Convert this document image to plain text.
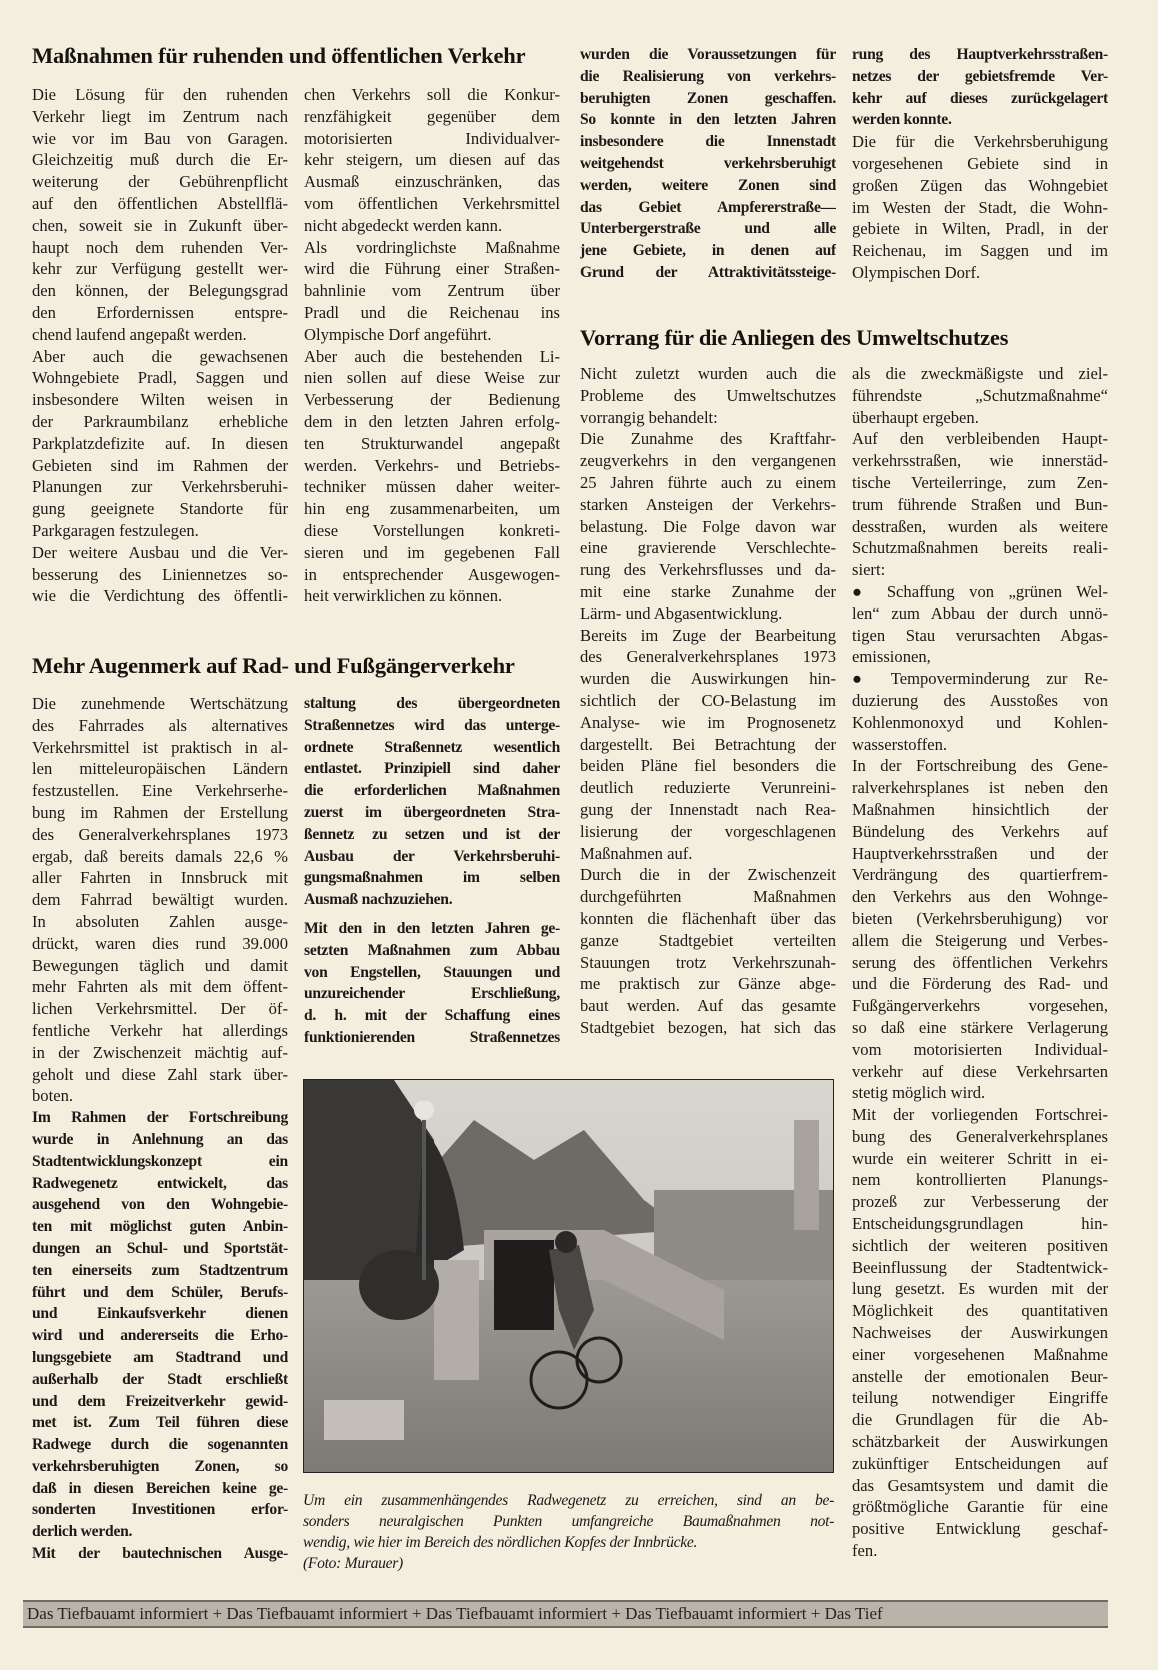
Maßnahmen für ruhenden und öffentlichen Verkehr
Die Lösung für den ruhenden
Verkehr liegt im Zentrum nach
wie vor im Bau von Garagen.
Gleichzeitig muß durch die Er-
weiterung der Gebührenpflicht
auf den öffentlichen Abstellflä-
chen, soweit sie in Zukunft über-
haupt noch dem ruhenden Ver-
kehr zur Verfügung gestellt wer-
den können, der Belegungsgrad
den Erfordernissen entspre-
chend laufend angepaßt werden.
Aber auch die gewachsenen
Wohngebiete Pradl, Saggen und
insbesondere Wilten weisen in
der Parkraumbilanz erhebliche
Parkplatzdefizite auf. In diesen
Gebieten sind im Rahmen der
Planungen zur Verkehrsberuhi-
gung geeignete Standorte für
Parkgaragen festzulegen.
Der weitere Ausbau und die Ver-
besserung des Liniennetzes so-
wie die Verdichtung des öffentli-
chen Verkehrs soll die Konkur-
renzfähigkeit gegenüber dem
motorisierten Individualver-
kehr steigern, um diesen auf das
Ausmaß einzuschränken, das
vom öffentlichen Verkehrsmittel
nicht abgedeckt werden kann.
Als vordringlichste Maßnahme
wird die Führung einer Straßen-
bahnlinie vom Zentrum über
Pradl und die Reichenau ins
Olympische Dorf angeführt.
Aber auch die bestehenden Li-
nien sollen auf diese Weise zur
Verbesserung der Bedienung
dem in den letzten Jahren erfolg-
ten Strukturwandel angepaßt
werden. Verkehrs- und Betriebs-
techniker müssen daher weiter-
hin eng zusammenarbeiten, um
diese Vorstellungen konkreti-
sieren und im gegebenen Fall
in entsprechender Ausgewogen-
heit verwirklichen zu können.
wurden die Voraussetzungen für
die Realisierung von verkehrs-
beruhigten Zonen geschaffen.
So konnte in den letzten Jahren
insbesondere die Innenstadt
weitgehendst verkehrsberuhigt
werden, weitere Zonen sind
das Gebiet Ampfererstraße—
Unterbergerstraße und alle
jene Gebiete, in denen auf
Grund der Attraktivitätssteige-
rung des Hauptverkehrsstraßen-
netzes der gebietsfremde Ver-
kehr auf dieses zurückgelagert
werden konnte.
Die für die Verkehrsberuhigung
vorgesehenen Gebiete sind in
großen Zügen das Wohngebiet
im Westen der Stadt, die Wohn-
gebiete in Wilten, Pradl, in der
Reichenau, im Saggen und im
Olympischen Dorf.
Vorrang für die Anliegen des Umweltschutzes
Nicht zuletzt wurden auch die
Probleme des Umweltschutzes
vorrangig behandelt:
Die Zunahme des Kraftfahr-
zeugverkehrs in den vergangenen
25 Jahren führte auch zu einem
starken Ansteigen der Verkehrs-
belastung. Die Folge davon war
eine gravierende Verschlechte-
rung des Verkehrsflusses und da-
mit eine starke Zunahme der
Lärm- und Abgasentwicklung.
Bereits im Zuge der Bearbeitung
des Generalverkehrsplanes 1973
wurden die Auswirkungen hin-
sichtlich der CO-Belastung im
Analyse- wie im Prognosenetz
dargestellt. Bei Betrachtung der
beiden Pläne fiel besonders die
deutlich reduzierte Verunreini-
gung der Innenstadt nach Rea-
lisierung der vorgeschlagenen
Maßnahmen auf.
Durch die in der Zwischenzeit
durchgeführten Maßnahmen
konnten die flächenhaft über das
ganze Stadtgebiet verteilten
Stauungen trotz Verkehrszunah-
me praktisch zur Gänze abge-
baut werden. Auf das gesamte
Stadtgebiet bezogen, hat sich das
als die zweckmäßigste und ziel-
führendste „Schutzmaßnahme“
überhaupt ergeben.
Auf den verbleibenden Haupt-
verkehrsstraßen, wie innerstäd-
tische Verteilerringe, zum Zen-
trum führende Straßen und Bun-
desstraßen, wurden als weitere
Schutzmaßnahmen bereits reali-
siert:
● Schaffung von „grünen Wel-
len“ zum Abbau der durch unnö-
tigen Stau verursachten Abgas-
emissionen,
● Tempoverminderung zur Re-
duzierung des Ausstoßes von
Kohlenmonoxyd und Kohlen-
wasserstoffen.
In der Fortschreibung des Gene-
ralverkehrsplanes ist neben den
Maßnahmen hinsichtlich der
Bündelung des Verkehrs auf
Hauptverkehrsstraßen und der
Verdrängung des quartierfrem-
den Verkehrs aus den Wohnge-
bieten (Verkehrsberuhigung) vor
allem die Steigerung und Verbes-
serung des öffentlichen Verkehrs
und die Förderung des Rad- und
Fußgängerverkehrs vorgesehen,
so daß eine stärkere Verlagerung
vom motorisierten Individual-
verkehr auf diese Verkehrsarten
stetig möglich wird.
Mit der vorliegenden Fortschrei-
bung des Generalverkehrsplanes
wurde ein weiterer Schritt in ei-
nem kontrollierten Planungs-
prozeß zur Verbesserung der
Entscheidungsgrundlagen hin-
sichtlich der weiteren positiven
Beeinflussung der Stadtentwick-
lung gesetzt. Es wurden mit der
Möglichkeit des quantitativen
Nachweises der Auswirkungen
einer vorgesehenen Maßnahme
anstelle der emotionalen Beur-
teilung notwendiger Eingriffe
die Grundlagen für die Ab-
schätzbarkeit der Auswirkungen
zukünftiger Entscheidungen auf
das Gesamtsystem und damit die
größtmögliche Garantie für eine
positive Entwicklung geschaf-
fen.
Mehr Augenmerk auf Rad- und Fußgängerverkehr
Die zunehmende Wertschätzung
des Fahrrades als alternatives
Verkehrsmittel ist praktisch in al-
len mitteleuropäischen Ländern
festzustellen. Eine Verkehrserhe-
bung im Rahmen der Erstellung
des Generalverkehrsplanes 1973
ergab, daß bereits damals 22,6 %
aller Fahrten in Innsbruck mit
dem Fahrrad bewältigt wurden.
In absoluten Zahlen ausge-
drückt, waren dies rund 39.000
Bewegungen täglich und damit
mehr Fahrten als mit dem öffent-
lichen Verkehrsmittel. Der öf-
fentliche Verkehr hat allerdings
in der Zwischenzeit mächtig auf-
geholt und diese Zahl stark über-
boten.
Im Rahmen der Fortschreibung
wurde in Anlehnung an das
Stadtentwicklungskonzept ein
Radwegenetz entwickelt, das
ausgehend von den Wohngebie-
ten mit möglichst guten Anbin-
dungen an Schul- und Sportstät-
ten einerseits zum Stadtzentrum
führt und dem Schüler, Berufs-
und Einkaufsverkehr dienen
wird und andererseits die Erho-
lungsgebiete am Stadtrand und
außerhalb der Stadt erschließt
und dem Freizeitverkehr gewid-
met ist. Zum Teil führen diese
Radwege durch die sogenannten
verkehrsberuhigten Zonen, so
daß in diesen Bereichen keine ge-
sonderten Investitionen erfor-
derlich werden.
Mit der bautechnischen Ausge-
staltung des übergeordneten
Straßennetzes wird das unterge-
ordnete Straßennetz wesentlich
entlastet. Prinzipiell sind daher
die erforderlichen Maßnahmen
zuerst im übergeordneten Stra-
ßennetz zu setzen und ist der
Ausbau der Verkehrsberuhi-
gungsmaßnahmen im selben
Ausmaß nachzuziehen.
Mit den in den letzten Jahren ge-
setzten Maßnahmen zum Abbau
von Engstellen, Stauungen und
unzureichender Erschließung,
d. h. mit der Schaffung eines
funktionierenden Straßennetzes
Um ein zusammenhängendes Radwegenetz zu erreichen, sind an be-
sonders neuralgischen Punkten umfangreiche Baumaßnahmen not-
wendig, wie hier im Bereich des nördlichen Kopfes der Innbrücke.
(Foto: Murauer)
Das Tiefbauamt informiert + Das Tiefbauamt informiert + Das Tiefbauamt informiert + Das Tiefbauamt informiert + Das Tief
